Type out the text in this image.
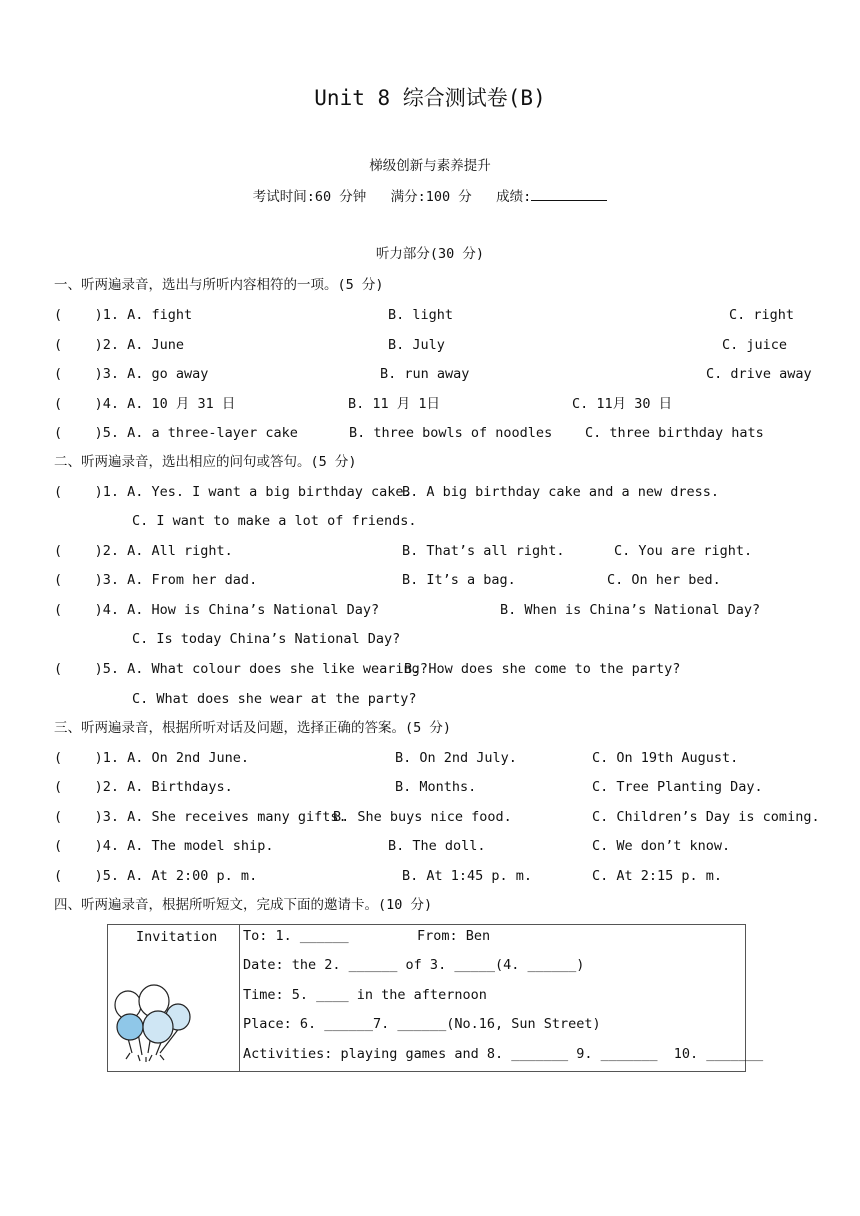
Unit 8 综合测试卷(B)
梯级创新与素养提升
考试时间:60 分钟   满分:100 分   成绩:
听力部分(30 分)
一、听两遍录音，选出与所听内容相符的一项。(5 分)
(    )1. A. fight	B. light	C. right
(    )2. A. June	B. July	C. juice
(    )3. A. go away	B. run away	C. drive away
(    )4. A. 10 月 31 日	B. 11 月 1日	C. 11月 30 日
(    )5. A. a three-layer cake	B. three bowls of noodles C. three birthday hats
二、听两遍录音，选出相应的问句或答句。(5 分)
(    )1. A. Yes. I want a big birthday cake.
B. A big birthday cake and a new dress.
C. I want to make a lot of friends.
(    )2. A. All right.	B. That’s all right.	C. You are right.
(    )3. A. From her dad.	B. It’s a bag.	C. On her bed.
(    )4. A. How is China’s National Day?	B. When is China’s National Day?
C. Is today China’s National Day?
(    )5. A. What colour does she like wearing?
B. How does she come to the party?
C. What does she wear at the party?
三、听两遍录音，根据所听对话及问题，选择正确的答案。(5 分)
(    )1. A. On 2nd June.	B. On 2nd July.	C. On 19th August.
(    )2. A. Birthdays.	B. Months.	C. Tree Planting Day.
(    )3. A. She receives many gifts.
B. She buys nice food.	C. Children’s Day is coming.
(    )4. A. The model ship.	B. The doll.	C. We don’t know.
(    )5. A. At 2:00 p. m.	B. At 1:45 p. m.	C. At 2:15 p. m.
四、听两遍录音，根据所听短文，完成下面的邀请卡。(10 分)
Invitation	To: 1. ______	From: Ben
Date: the 2. ______ of 3. _____(4. ______)
Time: 5. ____ in the afternoon
Place: 6. ______7. ______(No.16, Sun Street)
Activities: playing games and 8. _______ 9. _______  10. _______
